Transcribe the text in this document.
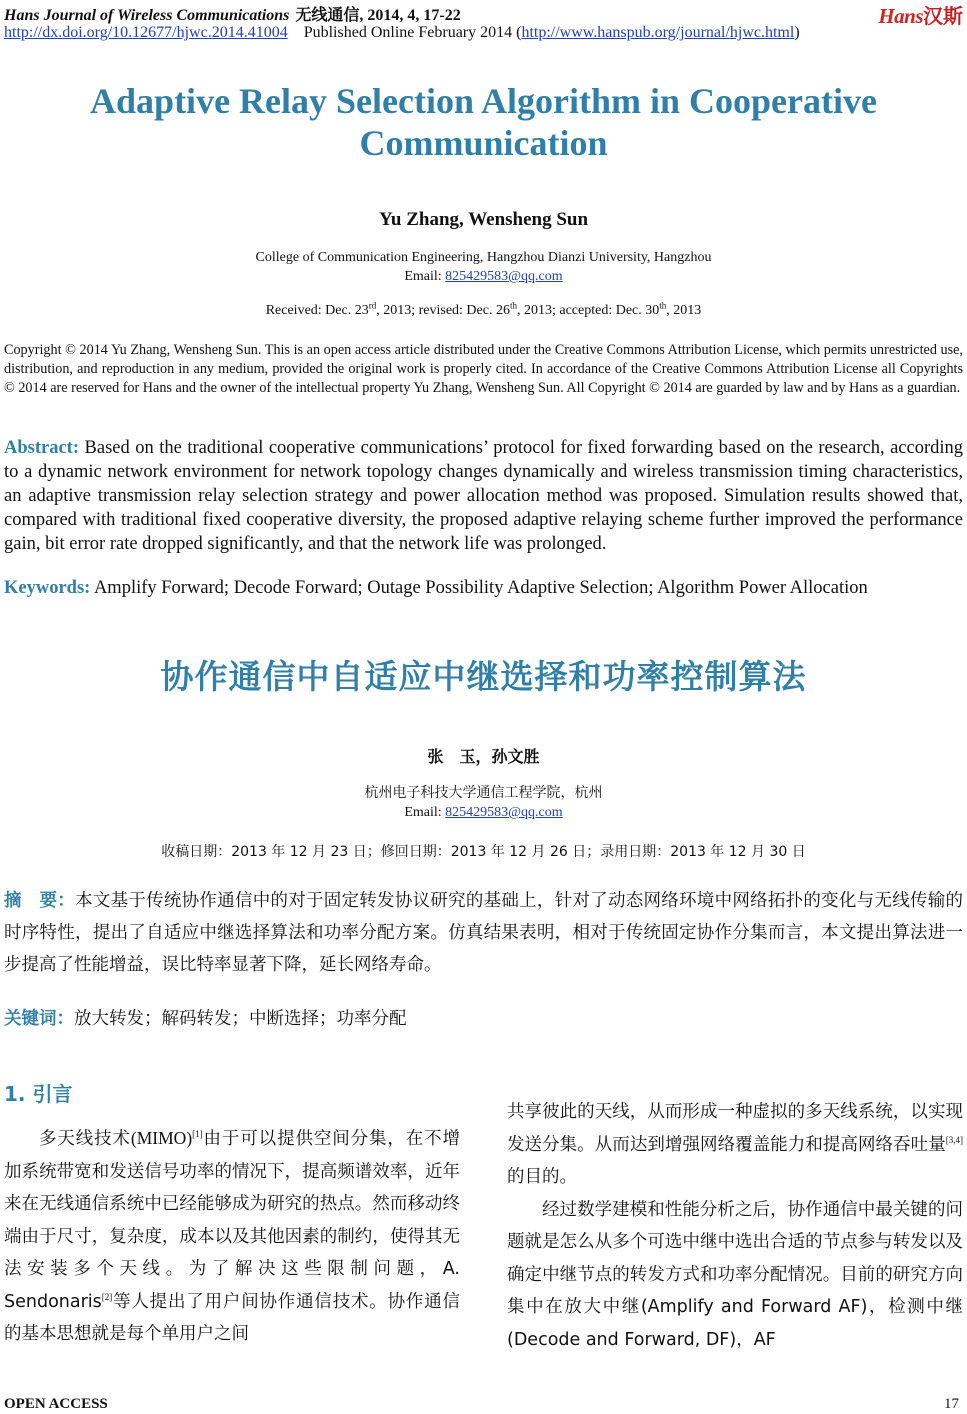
Hans Journal of Wireless Communications 无线通信, 2014, 4, 17-22
http://dx.doi.org/10.12677/hjwc.2014.41004 Published Online February 2014 (http://www.hanspub.org/journal/hjwc.html)
Hans汉斯
Adaptive Relay Selection Algorithm in Cooperative Communication
Yu Zhang, Wensheng Sun
College of Communication Engineering, Hangzhou Dianzi University, Hangzhou
Email: 825429583@qq.com
Received: Dec. 23rd, 2013; revised: Dec. 26th, 2013; accepted: Dec. 30th, 2013
Copyright © 2014 Yu Zhang, Wensheng Sun. This is an open access article distributed under the Creative Commons Attribution License, which permits unrestricted use, distribution, and reproduction in any medium, provided the original work is properly cited. In accordance of the Creative Commons Attribution License all Copyrights © 2014 are reserved for Hans and the owner of the intellectual property Yu Zhang, Wensheng Sun. All Copyright © 2014 are guarded by law and by Hans as a guardian.
Abstract: Based on the traditional cooperative communications’ protocol for fixed forwarding based on the research, according to a dynamic network environment for network topology changes dynamically and wireless transmission timing characteristics, an adaptive transmission relay selection strategy and power allocation method was proposed. Simulation results showed that, compared with traditional fixed cooperative diversity, the proposed adaptive relaying scheme further improved the performance gain, bit error rate dropped significantly, and that the network life was prolonged.
Keywords: Amplify Forward; Decode Forward; Outage Possibility Adaptive Selection; Algorithm Power Allocation
协作通信中自适应中继选择和功率控制算法
张　玉，孙文胜
杭州电子科技大学通信工程学院，杭州
Email: 825429583@qq.com
收稿日期：2013 年 12 月 23 日；修回日期：2013 年 12 月 26 日；录用日期：2013 年 12 月 30 日
摘　要：本文基于传统协作通信中的对于固定转发协议研究的基础上，针对了动态网络环境中网络拓扑的变化与无线传输的时序特性，提出了自适应中继选择算法和功率分配方案。仿真结果表明，相对于传统固定协作分集而言，本文提出算法进一步提高了性能增益，误比特率显著下降，延长网络寿命。
关键词：放大转发；解码转发；中断选择；功率分配
1. 引言

多天线技术(MIMO)[1]由于可以提供空间分集，在不增加系统带宽和发送信号功率的情况下，提高频谱效率，近年来在无线通信系统中已经能够成为研究的热点。然而移动终端由于尺寸，复杂度，成本以及其他因素的制约，使得其无法安装多个天线。为了解决这些限制问题，A. Sendonaris[2]等人提出了用户间协作通信技术。协作通信的基本思想就是每个单用户之间

共享彼此的天线，从而形成一种虚拟的多天线系统，以实现发送分集。从而达到增强网络覆盖能力和提高网络吞吐量[3,4]的目的。

经过数学建模和性能分析之后，协作通信中最关键的问题就是怎么从多个可选中继中选出合适的节点参与转发以及确定中继节点的转发方式和功率分配情况。目前的研究方向集中在放大中继(Amplify and Forward AF)，检测中继(Decode and Forward, DF)，AF

OPEN ACCESS	17
